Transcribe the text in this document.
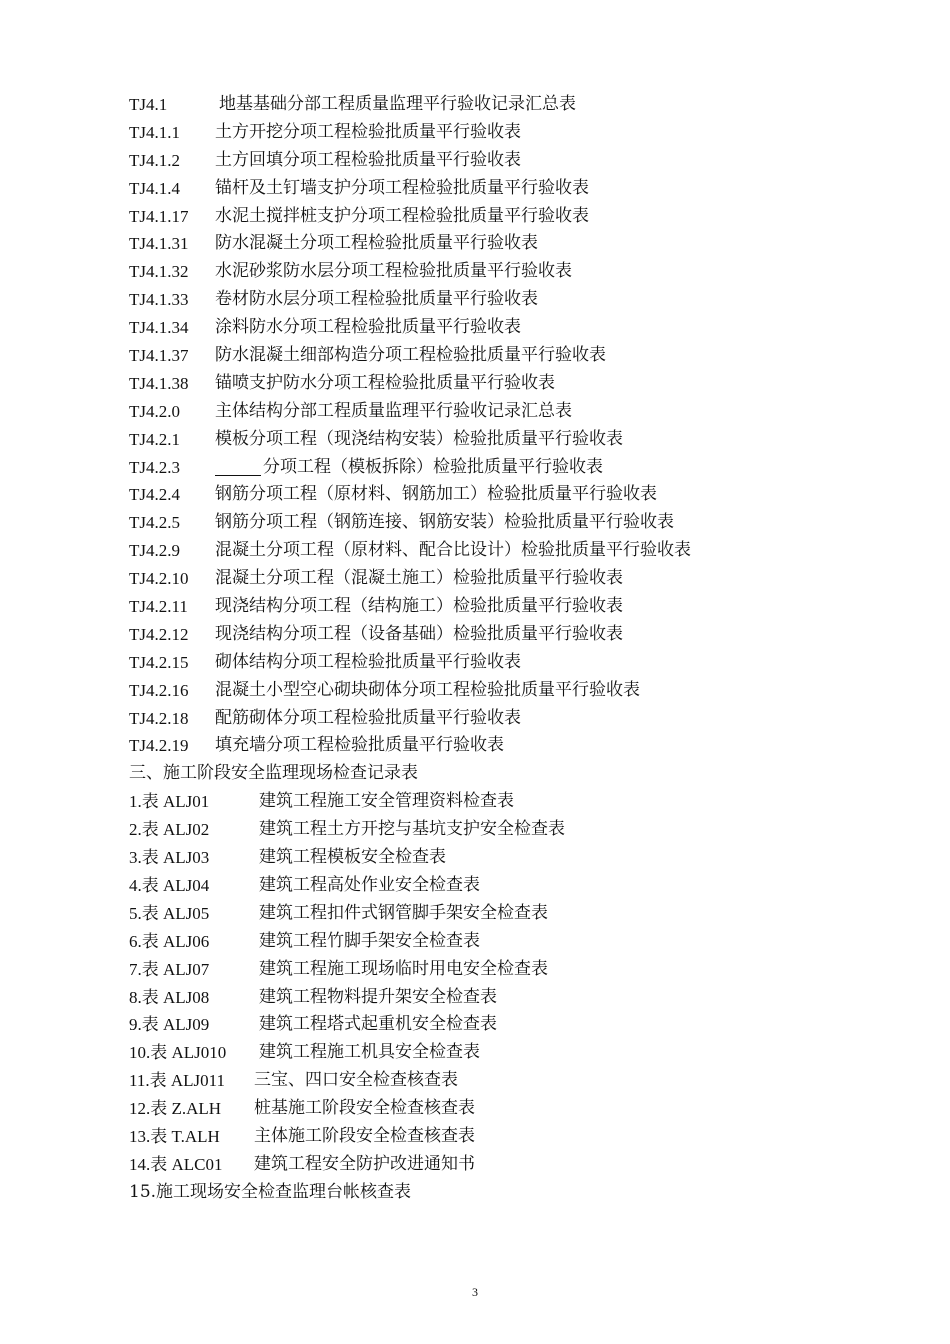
TJ4.1	地基基础分部工程质量监理平行验收记录汇总表
TJ4.1.1	土方开挖分项工程检验批质量平行验收表
TJ4.1.2	土方回填分项工程检验批质量平行验收表
TJ4.1.4	锚杆及土钉墙支护分项工程检验批质量平行验收表
TJ4.1.17	水泥土搅拌桩支护分项工程检验批质量平行验收表
TJ4.1.31	防水混凝土分项工程检验批质量平行验收表
TJ4.1.32	水泥砂浆防水层分项工程检验批质量平行验收表
TJ4.1.33	卷材防水层分项工程检验批质量平行验收表
TJ4.1.34	涂料防水分项工程检验批质量平行验收表
TJ4.1.37	防水混凝土细部构造分项工程检验批质量平行验收表
TJ4.1.38	锚喷支护防水分项工程检验批质量平行验收表
TJ4.2.0	主体结构分部工程质量监理平行验收记录汇总表
TJ4.2.1	模板分项工程（现浇结构安装）检验批质量平行验收表
TJ4.2.3	分项工程（模板拆除）检验批质量平行验收表
TJ4.2.4	钢筋分项工程（原材料、钢筋加工）检验批质量平行验收表
TJ4.2.5	钢筋分项工程（钢筋连接、钢筋安装）检验批质量平行验收表
TJ4.2.9	混凝土分项工程（原材料、配合比设计）检验批质量平行验收表
TJ4.2.10	混凝土分项工程（混凝土施工）检验批质量平行验收表
TJ4.2.11	现浇结构分项工程（结构施工）检验批质量平行验收表
TJ4.2.12	现浇结构分项工程（设备基础）检验批质量平行验收表
TJ4.2.15	砌体结构分项工程检验批质量平行验收表
TJ4.2.16	混凝土小型空心砌块砌体分项工程检验批质量平行验收表
TJ4.2.18	配筋砌体分项工程检验批质量平行验收表
TJ4.2.19	填充墙分项工程检验批质量平行验收表
三、施工阶段安全监理现场检查记录表
1.表 ALJ01	建筑工程施工安全管理资料检查表
2.表 ALJ02	建筑工程土方开挖与基坑支护安全检查表
3.表 ALJ03	建筑工程模板安全检查表
4.表 ALJ04	建筑工程高处作业安全检查表
5.表 ALJ05	建筑工程扣件式钢管脚手架安全检查表
6.表 ALJ06	建筑工程竹脚手架安全检查表
7.表 ALJ07	建筑工程施工现场临时用电安全检查表
8.表 ALJ08	建筑工程物料提升架安全检查表
9.表 ALJ09	建筑工程塔式起重机安全检查表
10.表 ALJ010	建筑工程施工机具安全检查表
11.表 ALJ011	三宝、四口安全检查核查表
12.表 Z.ALH	桩基施工阶段安全检查核查表
13.表 T.ALH	主体施工阶段安全检查核查表
14.表 ALC01	建筑工程安全防护改进通知书
15.施工现场安全检查监理台帐核查表
3
